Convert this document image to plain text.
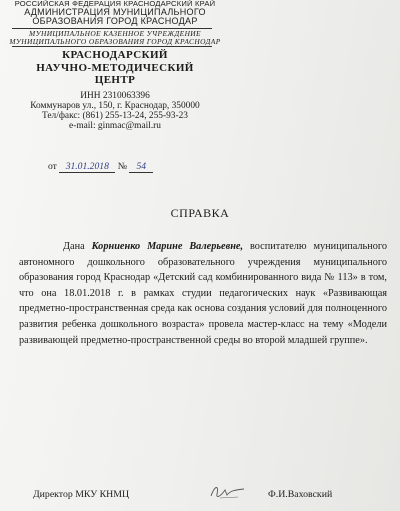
РОССИЙСКАЯ ФЕДЕРАЦИЯ КРАСНОДАРСКИЙ КРАЙ
АДМИНИСТРАЦИЯ МУНИЦИПАЛЬНОГО
ОБРАЗОВАНИЯ ГОРОД КРАСНОДАР
МУНИЦИПАЛЬНОЕ КАЗЕННОЕ УЧРЕЖДЕНИЕ
МУНИЦИПАЛЬНОГО ОБРАЗОВАНИЯ ГОРОД КРАСНОДАР
КРАСНОДАРСКИЙ
НАУЧНО-МЕТОДИЧЕСКИЙ
ЦЕНТР
ИНН 2310063396
Коммунаров ул., 150, г. Краснодар, 350000
Тел/факс: (861) 255-13-24, 255-93-23
e-mail: ginmac@mail.ru
от 31.01.2018 № 54
СПРАВКА

Дана Корниенко Марине Валерьевне, воспитателю муниципального автономного дошкольного образовательного учреждения муниципального образования город Краснодар «Детский сад комбинированного вида № 113» в том, что она 18.01.2018 г. в рамках студии педагогических наук «Развивающая предметно-пространственная среда как основа создания условий для полноценного развития ребенка дошкольного возраста» провела мастер-класс на тему «Модели развивающей предметно-пространственной среды во второй младшей группе».

Директор МКУ КНМЦ	Ф.И.Ваховский
